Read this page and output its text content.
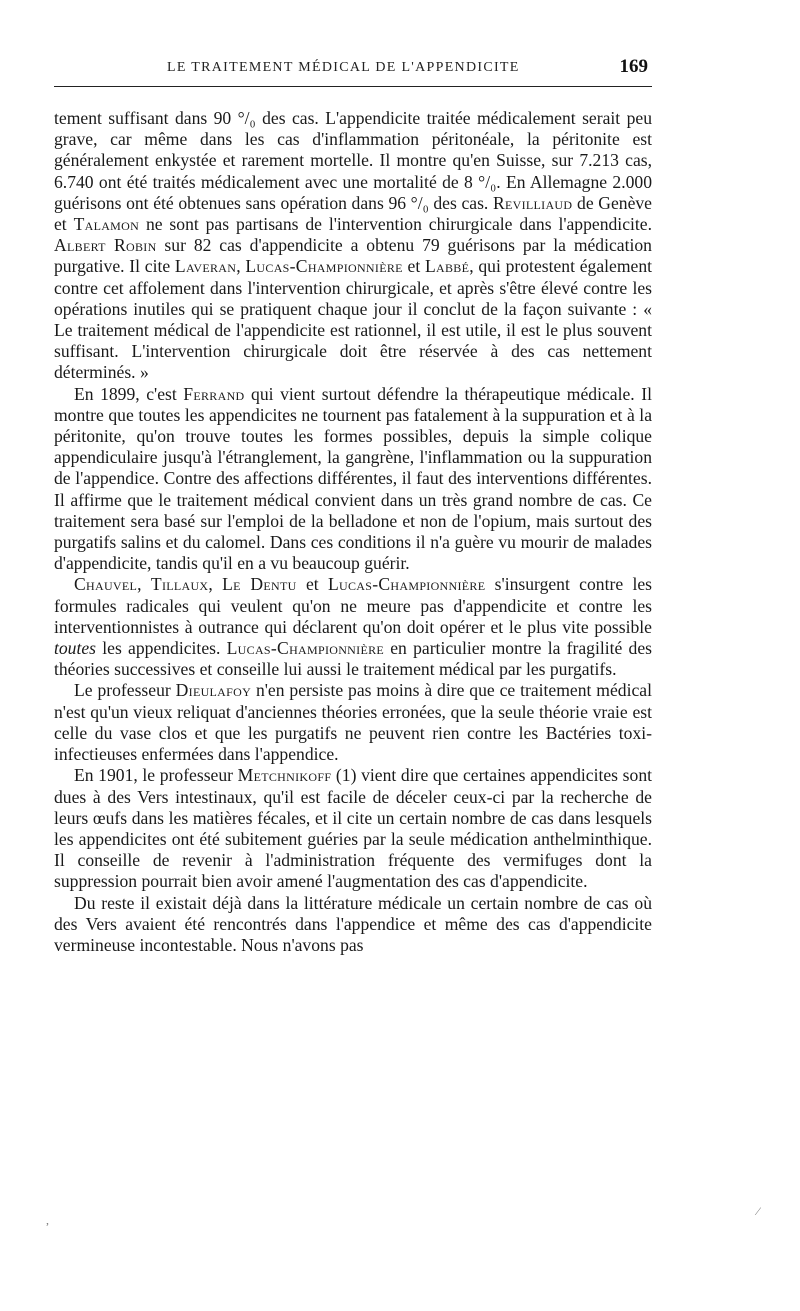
LE TRAITEMENT MÉDICAL DE L'APPENDICITE	169

tement suffisant dans 90 °/₀ des cas. L'appendicite traitée médicalement serait peu grave, car même dans les cas d'inflammation péritonéale, la péritonite est généralement enkystée et rarement mortelle. Il montre qu'en Suisse, sur 7.213 cas, 6.740 ont été traités médicalement avec une mortalité de 8 °/₀. En Allemagne 2.000 guérisons ont été obtenues sans opération dans 96 °/₀ des cas. Revilliaud de Genève et Talamon ne sont pas partisans de l'intervention chirurgicale dans l'appendicite. Albert Robin sur 82 cas d'appendicite a obtenu 79 guérisons par la médication purgative. Il cite Laveran, Lucas-Championnière et Labbé, qui protestent également contre cet affolement dans l'intervention chirurgicale, et après s'être élevé contre les opérations inutiles qui se pratiquent chaque jour il conclut de la façon suivante : « Le traitement médical de l'appendicite est rationnel, il est utile, il est le plus souvent suffisant. L'intervention chirurgicale doit être réservée à des cas nettement déterminés. »

En 1899, c'est Ferrand qui vient surtout défendre la thérapeutique médicale. Il montre que toutes les appendicites ne tournent pas fatalement à la suppuration et à la péritonite, qu'on trouve toutes les formes possibles, depuis la simple colique appendiculaire jusqu'à l'étranglement, la gangrène, l'inflammation ou la suppuration de l'appendice. Contre des affections différentes, il faut des interventions différentes. Il affirme que le traitement médical convient dans un très grand nombre de cas. Ce traitement sera basé sur l'emploi de la belladone et non de l'opium, mais surtout des purgatifs salins et du calomel. Dans ces conditions il n'a guère vu mourir de malades d'appendicite, tandis qu'il en a vu beaucoup guérir.

Chauvel, Tillaux, Le Dentu et Lucas-Championnière s'insurgent contre les formules radicales qui veulent qu'on ne meure pas d'appendicite et contre les interventionnistes à outrance qui déclarent qu'on doit opérer et le plus vite possible toutes les appendicites. Lucas-Championnière en particulier montre la fragilité des théories successives et conseille lui aussi le traitement médical par les purgatifs.

Le professeur Dieulafoy n'en persiste pas moins à dire que ce traitement médical n'est qu'un vieux reliquat d'anciennes théories erronées, que la seule théorie vraie est celle du vase clos et que les purgatifs ne peuvent rien contre les Bactéries toxi-infectieuses enfermées dans l'appendice.

En 1901, le professeur Metchnikoff (1) vient dire que certaines appendicites sont dues à des Vers intestinaux, qu'il est facile de déceler ceux-ci par la recherche de leurs œufs dans les matières fécales, et il cite un certain nombre de cas dans lesquels les appendicites ont été subitement guéries par la seule médication anthelminthique. Il conseille de revenir à l'administration fréquente des vermifuges dont la suppression pourrait bien avoir amené l'augmentation des cas d'appendicite.

Du reste il existait déjà dans la littérature médicale un certain nombre de cas où des Vers avaient été rencontrés dans l'appendice et même des cas d'appendicite vermineuse incontestable. Nous n'avons pas

,
⁄
